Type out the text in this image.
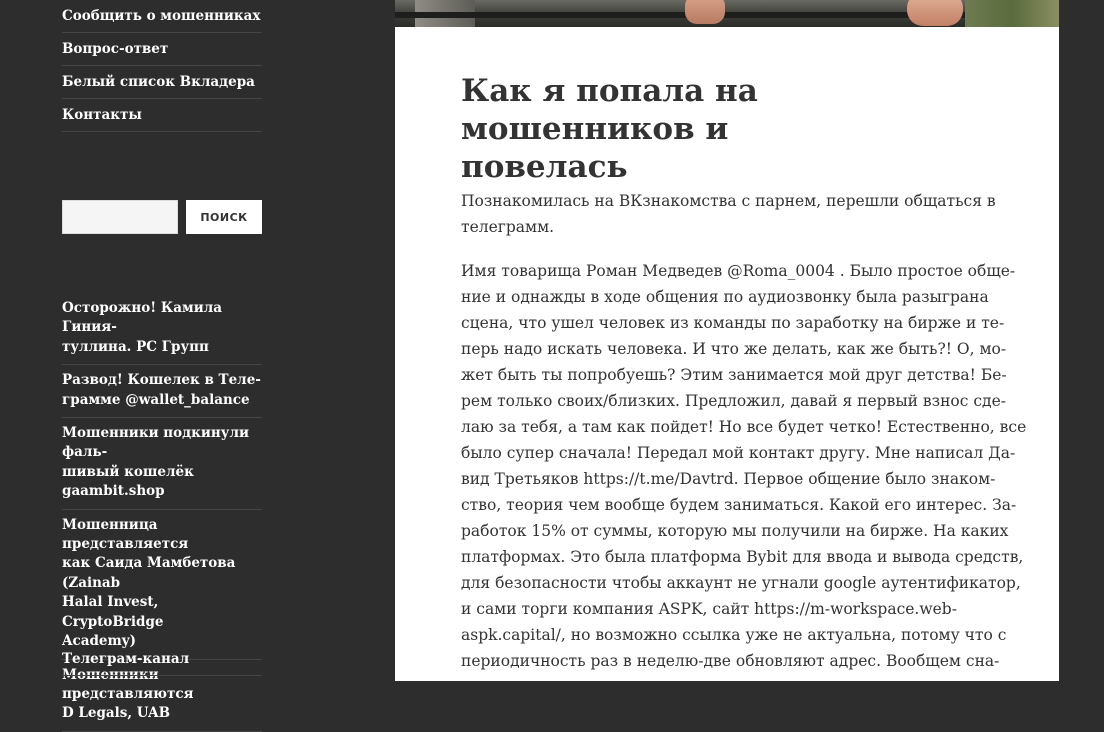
Сообщить о мошенниках
Вопрос-ответ
Белый список Вкладера
Контакты
ПОИСК
Осторожно! Камила Гиния-
туллина. РС Групп
Развод! Кошелек в Теле-
грамме @wallet_balance
Мошенники подкинули фаль-
шивый кошелёк gaambit.shop
Мошенница представляется
как Саида Мамбетова (Zainab
Halal Invest, CryptoBridge
Academy)
Мошенники представляются
D Legals, UAB
Телеграм-канал
Как я попала на мошенников и
повелась

Познакомилась на ВКзнакомства с парнем, перешли общаться в
телеграмм.

Имя товарища Роман Медведев @Roma_0004 . Было простое обще-
ние и однажды в ходе общения по аудиозвонку была разыграна
сцена, что ушел человек из команды по заработку на бирже и те-
перь надо искать человека. И что же делать, как же быть?! О, мо-
жет быть ты попробуешь? Этим занимается мой друг детства! Бе-
рем только своих/близких. Предложил, давай я первый взнос сде-
лаю за тебя, а там как пойдет! Но все будет четко! Естественно, все
было супер сначала! Передал мой контакт другу. Мне написал Да-
вид Третьяков https://t.me/Davtrd. Первое общение было знаком-
ство, теория чем вообще будем заниматься. Какой его интерес. За-
работок 15% от суммы, которую мы получили на бирже. На каких
платформах. Это была платформа Bybit для ввода и вывода средств,
для безопасности чтобы аккаунт не угнали google аутентификатор,
и сами торги компания ASPK, сайт https://m-workspace.web-
aspk.capital/, но возможно ссылка уже не актуальна, потому что с
периодичность раз в неделю-две обновляют адрес. Вообщем сна-
